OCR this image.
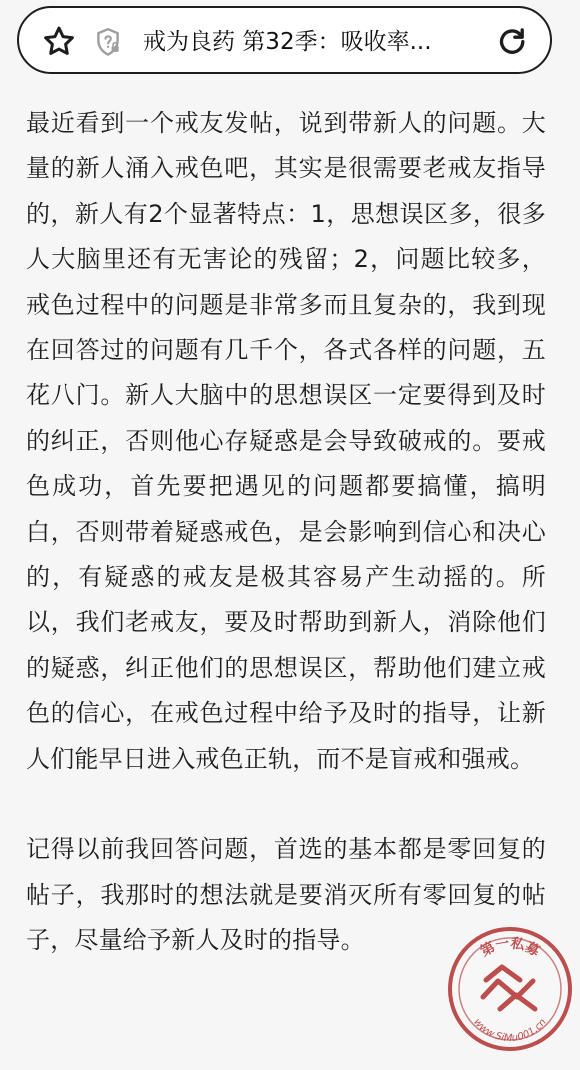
戒为良药 第32季：吸收率...

最近看到一个戒友发帖，说到带新人的问题。大量的新人涌入戒色吧，其实是很需要老戒友指导的，新人有2个显著特点：1，思想误区多，很多人大脑里还有无害论的残留；2，问题比较多，戒色过程中的问题是非常多而且复杂的，我到现在回答过的问题有几千个，各式各样的问题，五花八门。新人大脑中的思想误区一定要得到及时的纠正，否则他心存疑惑是会导致破戒的。要戒色成功，首先要把遇见的问题都要搞懂，搞明白，否则带着疑惑戒色，是会影响到信心和决心的，有疑惑的戒友是极其容易产生动摇的。所以，我们老戒友，要及时帮助到新人，消除他们的疑惑，纠正他们的思想误区，帮助他们建立戒色的信心，在戒色过程中给予及时的指导，让新人们能早日进入戒色正轨，而不是盲戒和强戒。

记得以前我回答问题，首选的基本都是零回复的帖子，我那时的想法就是要消灭所有零回复的帖子，尽量给予新人及时的指导。	第一私募
www.SiMu001.cn
